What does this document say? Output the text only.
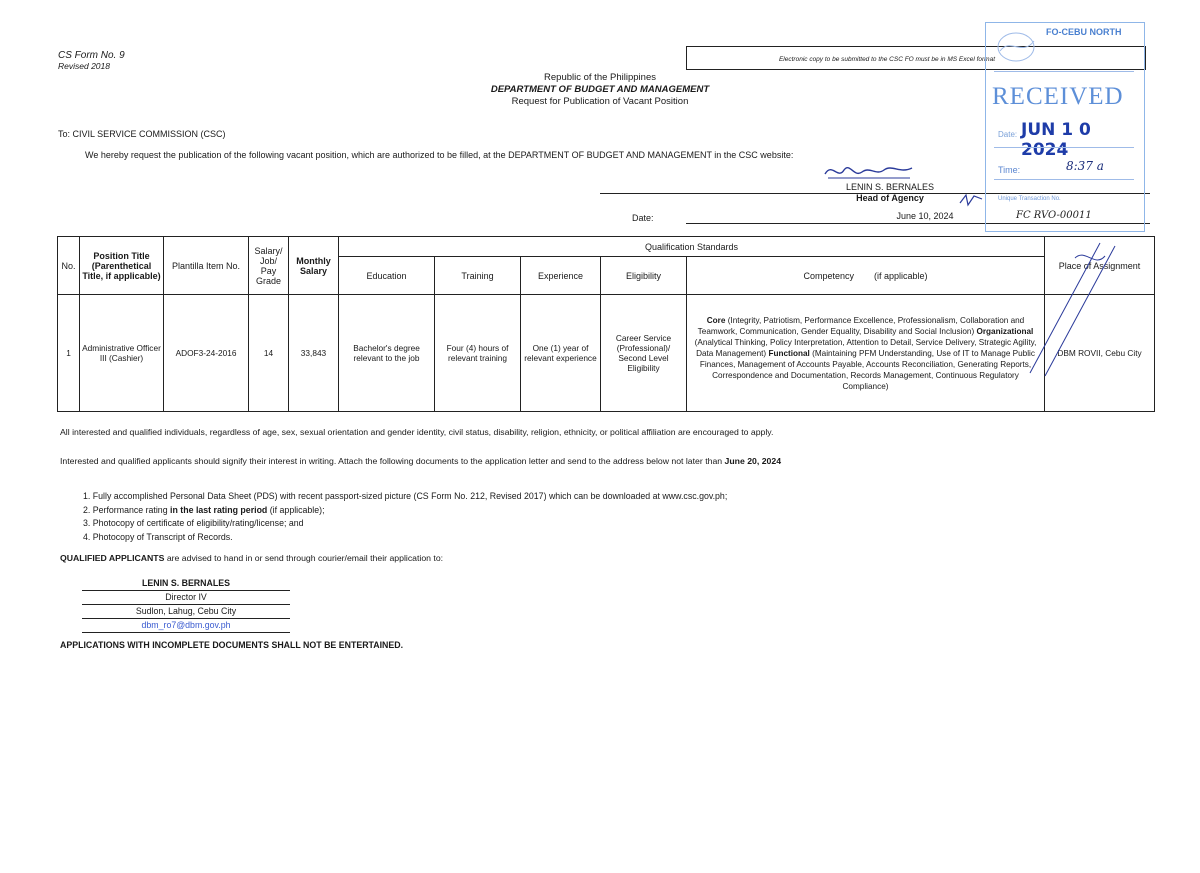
CS Form No. 9
Revised 2018
Electronic copy to be submitted to the CSC FO must be in MS Excel format
Republic of the Philippines
DEPARTMENT OF BUDGET AND MANAGEMENT
Request for Publication of Vacant Position
To: CIVIL SERVICE COMMISSION (CSC)
We hereby request the publication of the following vacant position, which are authorized to be filled, at the DEPARTMENT OF BUDGET AND MANAGEMENT in the CSC website:
LENIN S. BERNALES
Head of Agency
Date:	June 10, 2024
No.	Position Title (Parenthetical Title, if applicable)	Plantilla Item No.	Salary/ Job/ Pay Grade	Monthly Salary	Qualification Standards					Place of Assignment
					Education	Training	Experience	Eligibility	Competency (if applicable)	
1	Administrative Officer III (Cashier)	ADOF3-24-2016	14	33,843	Bachelor's degree relevant to the job	Four (4) hours of relevant training	One (1) year of relevant experience	Career Service (Professional)/ Second Level Eligibility	Core (Integrity, Patriotism, Performance Excellence, Professionalism, Collaboration and Teamwork, Communication, Gender Equality, Disability and Social Inclusion) Organizational (Analytical Thinking, Policy Interpretation, Attention to Detail, Service Delivery, Strategic Agility, Data Management) Functional (Maintaining PFM Understanding, Use of IT to Manage Public Finances, Management of Accounts Payable, Accounts Reconciliation, Generating Reports, Correspondence and Documentation, Records Management, Continuous Regulatory Compliance)	DBM ROVII, Cebu City
All interested and qualified individuals, regardless of age, sex, sexual orientation and gender identity, civil status, disability, religion, ethnicity, or political affiliation are encouraged to apply.
Interested and qualified applicants should signify their interest in writing. Attach the following documents to the application letter and send to the address below not later than June 20, 2024
1. Fully accomplished Personal Data Sheet (PDS) with recent passport-sized picture (CS Form No. 212, Revised 2017) which can be downloaded at www.csc.gov.ph;
2. Performance rating in the last rating period (if applicable);
3. Photocopy of certificate of eligibility/rating/license; and
4. Photocopy of Transcript of Records.
QUALIFIED APPLICANTS are advised to hand in or send through courier/email their application to:
LENIN S. BERNALES
Director IV
Sudlon, Lahug, Cebu City
dbm_ro7@dbm.gov.ph
APPLICATIONS WITH INCOMPLETE DOCUMENTS SHALL NOT BE ENTERTAINED.
FO-CEBU NORTH
RECEIVED
Date: JUN 1 0 2024
Time:	8:37 a
Unique Transaction No.
FC RVO-00011
